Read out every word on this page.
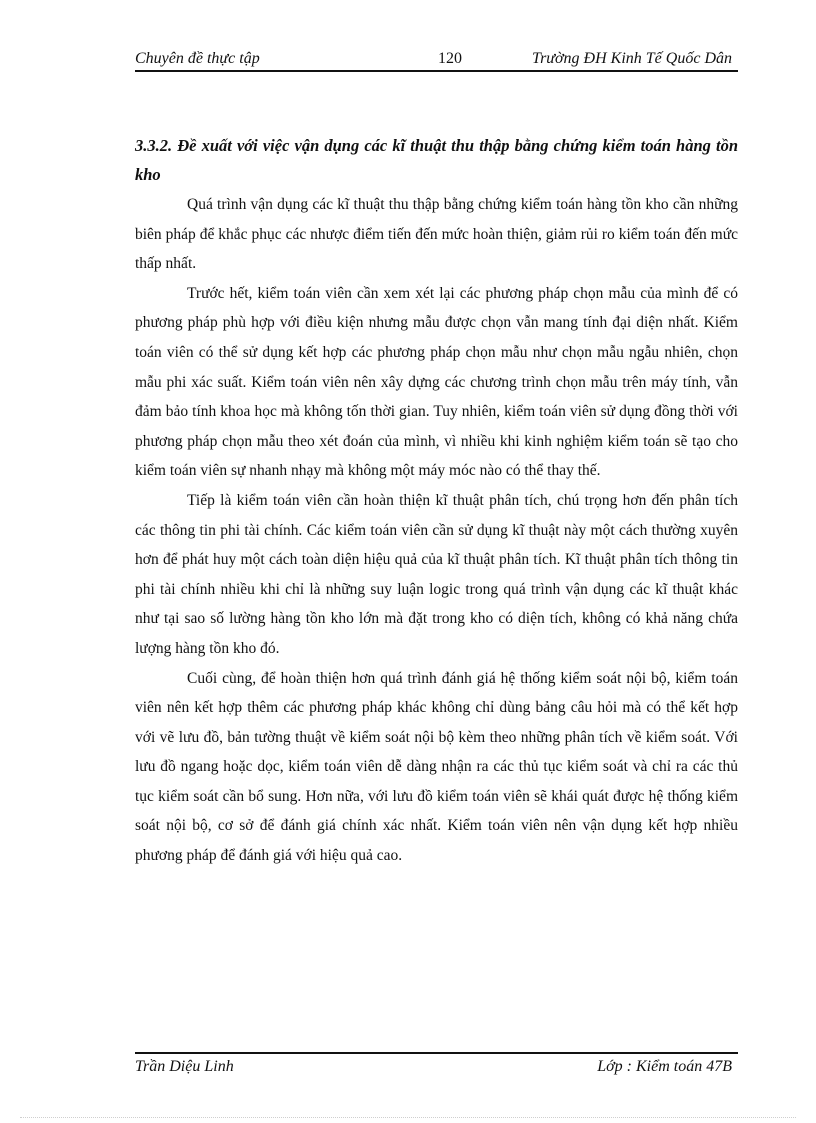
Chuyên đề thực tập	120	Trường ĐH Kinh Tế Quốc Dân
3.3.2. Đề xuất với việc vận dụng các kĩ thuật thu thập bằng chứng kiểm toán hàng tồn kho

Quá trình vận dụng các kĩ thuật thu thập bằng chứng kiểm toán hàng tồn kho cần những biên pháp để khắc phục các nhược điểm tiến đến mức hoàn thiện, giảm rủi ro kiểm toán đến mức thấp nhất.

Trước hết, kiểm toán viên cần xem xét lại các phương pháp chọn mẫu của mình để có phương pháp phù hợp với điều kiện nhưng mẫu được chọn vẫn mang tính đại diện nhất. Kiểm toán viên có thể sử dụng kết hợp các phương pháp chọn mẫu như chọn mẫu ngẫu nhiên, chọn mẫu phi xác suất. Kiểm toán viên nên xây dựng các chương trình chọn mẫu trên máy tính, vẫn đảm bảo tính khoa học mà không tốn thời gian. Tuy nhiên, kiểm toán viên sử dụng đồng thời với phương pháp chọn mẫu theo xét đoán của mình, vì nhiều khi kinh nghiệm kiểm toán sẽ tạo cho kiểm toán viên sự nhanh nhạy mà không một máy móc nào có thể thay thế.

Tiếp là kiểm toán viên cần hoàn thiện kĩ thuật phân tích, chú trọng hơn đến phân tích các thông tin phi tài chính. Các kiểm toán viên cần sử dụng kĩ thuật này một cách thường xuyên hơn để phát huy một cách toàn diện hiệu quả của kĩ thuật phân tích. Kĩ thuật phân tích thông tin phi tài chính nhiều khi chỉ là những suy luận logic trong quá trình vận dụng các kĩ thuật khác như tại sao số lường hàng tồn kho lớn mà đặt trong kho có diện tích, không có khả năng chứa lượng hàng tồn kho đó.

Cuối cùng, để hoàn thiện hơn quá trình đánh giá hệ thống kiểm soát nội bộ, kiểm toán viên nên kết hợp thêm các phương pháp khác không chỉ dùng bảng câu hỏi mà có thể kết hợp với vẽ lưu đồ, bản tường thuật về kiểm soát nội bộ kèm theo những phân tích về kiểm soát. Với lưu đồ ngang hoặc dọc, kiểm toán viên dễ dàng nhận ra các thủ tục kiểm soát và chỉ ra các thủ tục kiểm soát cần bổ sung. Hơn nữa, với lưu đồ kiểm toán viên sẽ khái quát được hệ thống kiểm soát nội bộ, cơ sở để đánh giá chính xác nhất. Kiểm toán viên nên vận dụng kết hợp nhiều phương pháp để đánh giá với hiệu quả cao.

Trần Diệu Linh	Lớp : Kiểm toán 47B
